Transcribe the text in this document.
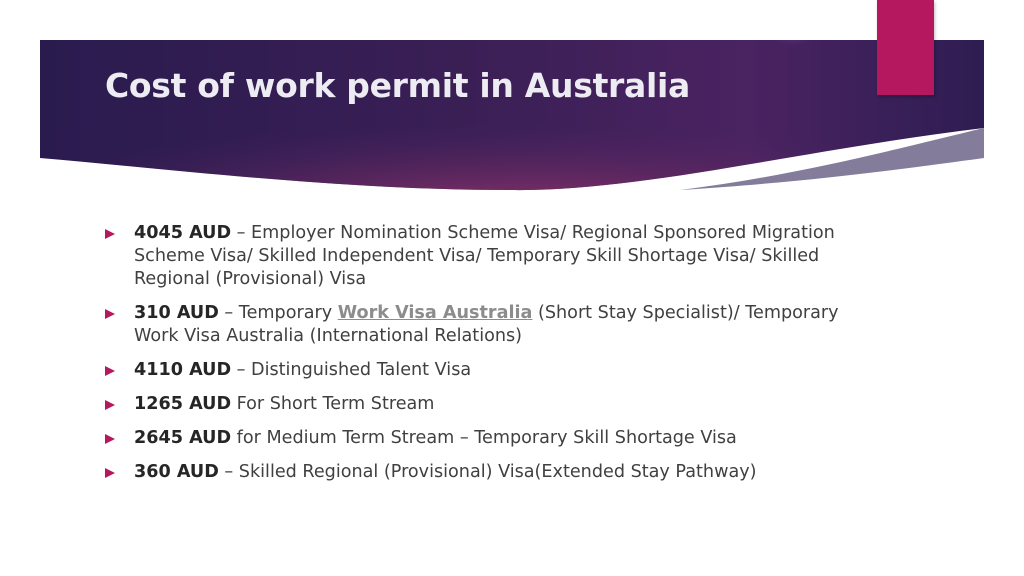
Cost of work permit in Australia
4045 AUD – Employer Nomination Scheme Visa/ Regional Sponsored Migration Scheme Visa/ Skilled Independent Visa/ Temporary Skill Shortage Visa/ Skilled Regional (Provisional) Visa
310 AUD – Temporary Work Visa Australia (Short Stay Specialist)/ Temporary Work Visa Australia (International Relations)
4110 AUD – Distinguished Talent Visa
1265 AUD For Short Term Stream
2645 AUD for Medium Term Stream – Temporary Skill Shortage Visa
360 AUD – Skilled Regional (Provisional) Visa(Extended Stay Pathway)
